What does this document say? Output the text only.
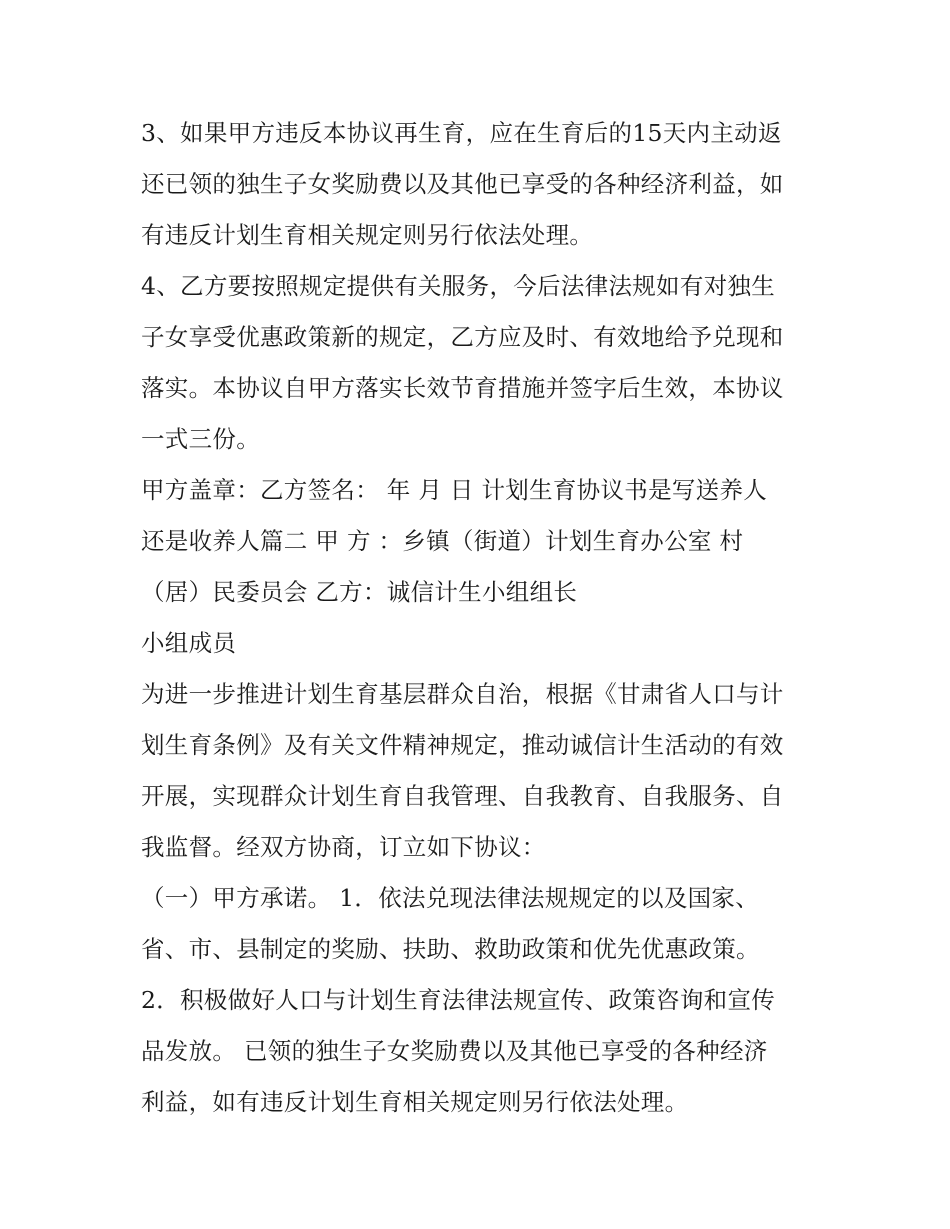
3、如果甲方违反本协议再生育，应在生育后的15天内主动返
还已领的独生子女奖励费以及其他已享受的各种经济利益，如
有违反计划生育相关规定则另行依法处理。
4、乙方要按照规定提供有关服务，今后法律法规如有对独生
子女享受优惠政策新的规定，乙方应及时、有效地给予兑现和
落实。本协议自甲方落实长效节育措施并签字后生效，本协议
一式三份。
甲方盖章：乙方签名： 年 月 日 计划生育协议书是写送养人
还是收养人篇二 甲 方 ：乡镇（街道）计划生育办公室 村
（居）民委员会 乙方：诚信计生小组组长
小组成员
为进一步推进计划生育基层群众自治，根据《甘肃省人口与计
划生育条例》及有关文件精神规定，推动诚信计生活动的有效
开展，实现群众计划生育自我管理、自我教育、自我服务、自
我监督。经双方协商，订立如下协议：
（一）甲方承诺。 1．依法兑现法律法规规定的以及国家、
省、市、县制定的奖励、扶助、救助政策和优先优惠政策。
2．积极做好人口与计划生育法律法规宣传、政策咨询和宣传
品发放。 已领的独生子女奖励费以及其他已享受的各种经济
利益，如有违反计划生育相关规定则另行依法处理。
